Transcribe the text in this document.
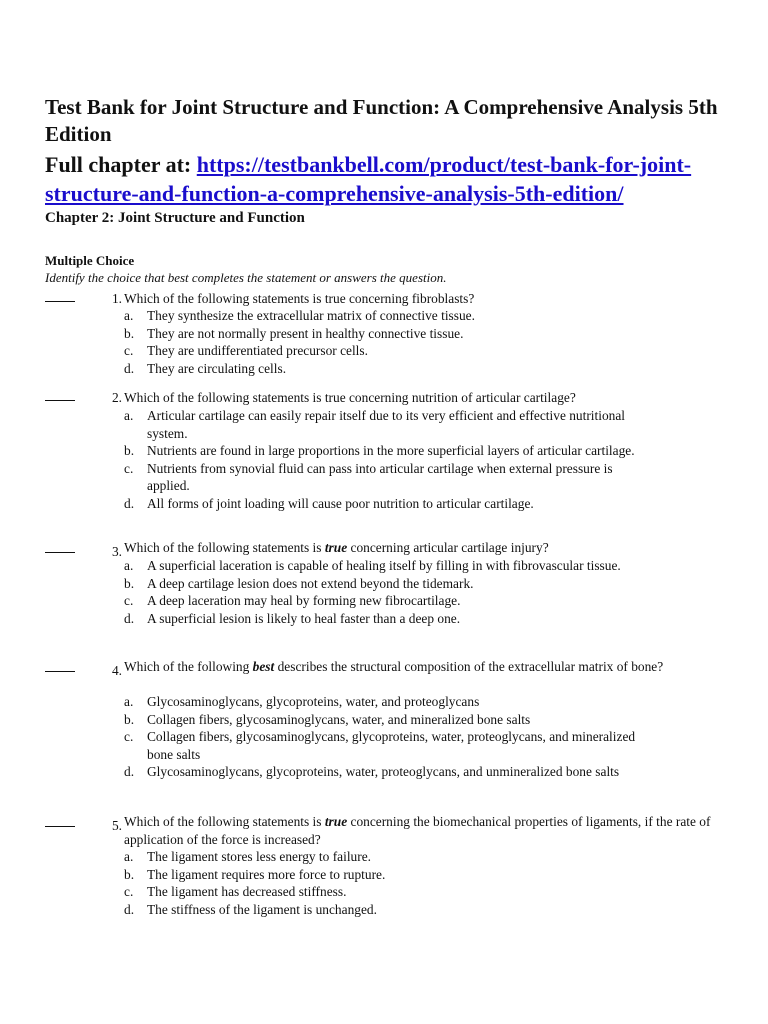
Test Bank for Joint Structure and Function: A Comprehensive Analysis 5th Edition
Full chapter at: https://testbankbell.com/product/test-bank-for-joint-structure-and-function-a-comprehensive-analysis-5th-edition/
Chapter 2: Joint Structure and Function
Multiple Choice
Identify the choice that best completes the statement or answers the question.
1. Which of the following statements is true concerning fibroblasts?
a. They synthesize the extracellular matrix of connective tissue.
b. They are not normally present in healthy connective tissue.
c. They are undifferentiated precursor cells.
d. They are circulating cells.
2. Which of the following statements is true concerning nutrition of articular cartilage?
a. Articular cartilage can easily repair itself due to its very efficient and effective nutritional system.
b. Nutrients are found in large proportions in the more superficial layers of articular cartilage.
c. Nutrients from synovial fluid can pass into articular cartilage when external pressure is applied.
d. All forms of joint loading will cause poor nutrition to articular cartilage.
3. Which of the following statements is true concerning articular cartilage injury?
a. A superficial laceration is capable of healing itself by filling in with fibrovascular tissue.
b. A deep cartilage lesion does not extend beyond the tidemark.
c. A deep laceration may heal by forming new fibrocartilage.
d. A superficial lesion is likely to heal faster than a deep one.
4. Which of the following best describes the structural composition of the extracellular matrix of bone?
a. Glycosaminoglycans, glycoproteins, water, and proteoglycans
b. Collagen fibers, glycosaminoglycans, water, and mineralized bone salts
c. Collagen fibers, glycosaminoglycans, glycoproteins, water, proteoglycans, and mineralized bone salts
d. Glycosaminoglycans, glycoproteins, water, proteoglycans, and unmineralized bone salts
5. Which of the following statements is true concerning the biomechanical properties of ligaments, if the rate of application of the force is increased?
a. The ligament stores less energy to failure.
b. The ligament requires more force to rupture.
c. The ligament has decreased stiffness.
d. The stiffness of the ligament is unchanged.
